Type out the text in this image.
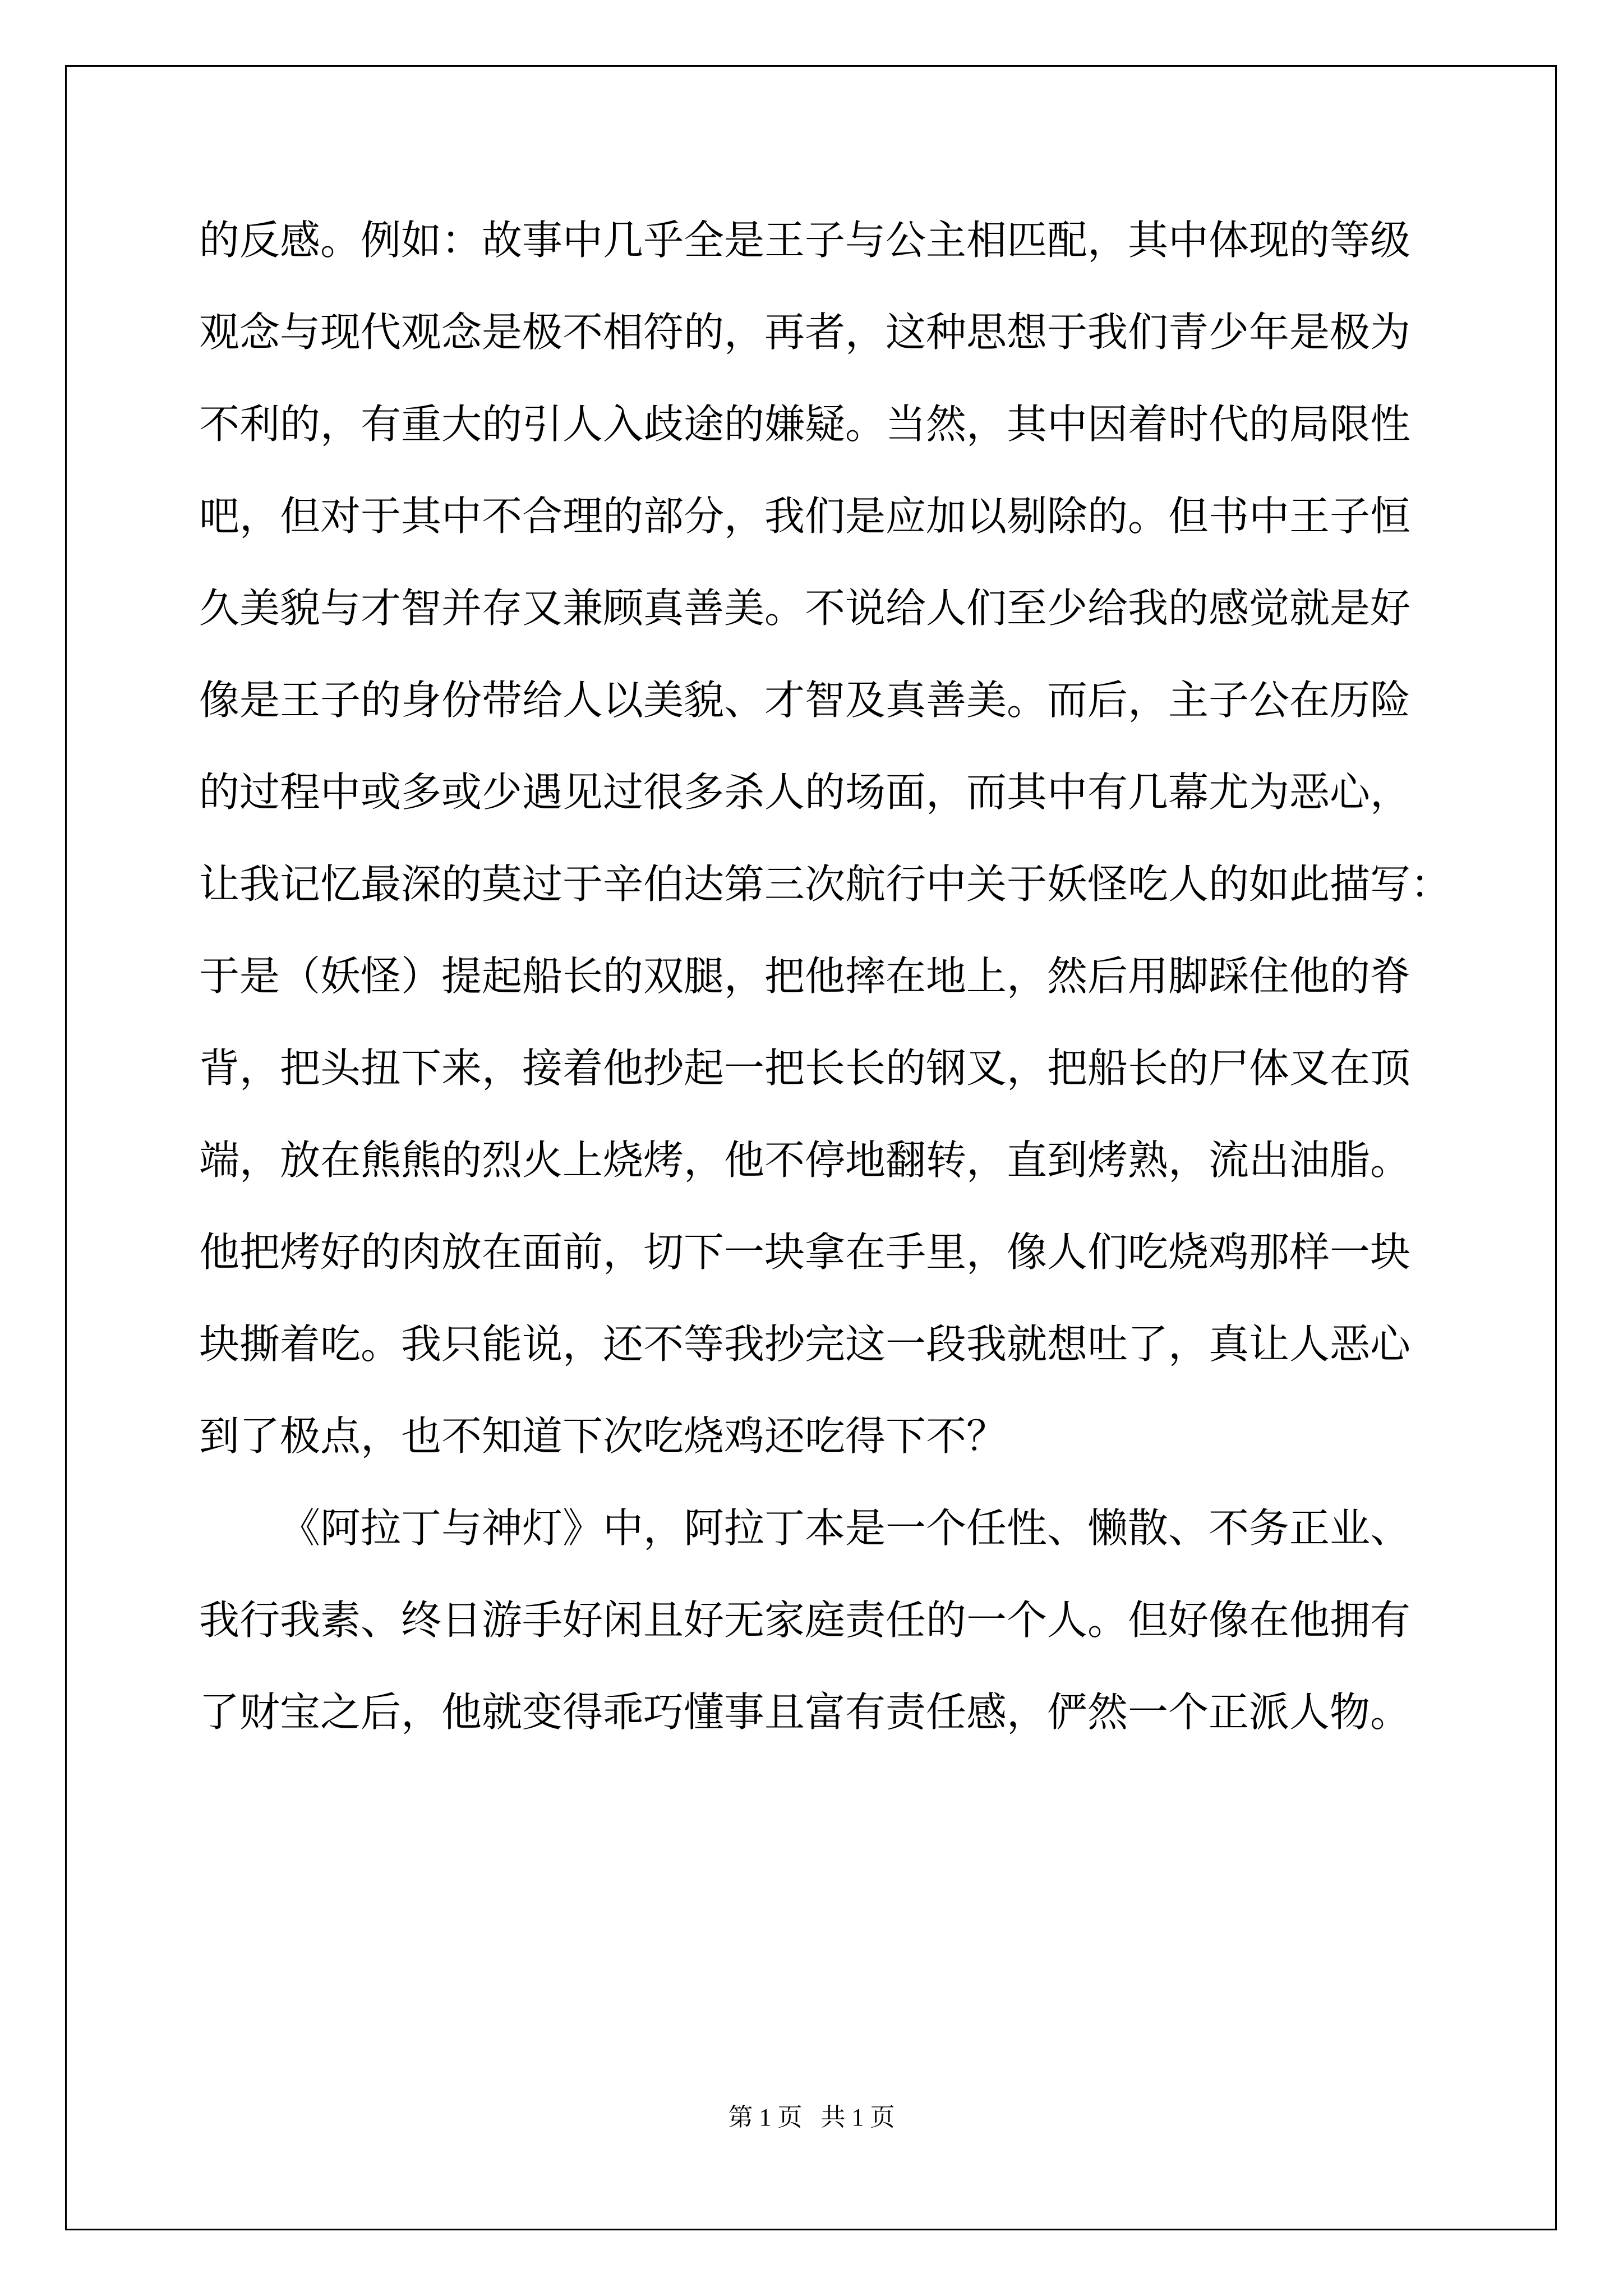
的反感。例如：故事中几乎全是王子与公主相匹配，其中体现的等级
观念与现代观念是极不相符的，再者，这种思想于我们青少年是极为
不利的，有重大的引人入歧途的嫌疑。当然，其中因着时代的局限性
吧，但对于其中不合理的部分，我们是应加以剔除的。但书中王子恒
久美貌与才智并存又兼顾真善美。不说给人们至少给我的感觉就是好
像是王子的身份带给人以美貌、才智及真善美。而后，主子公在历险
的过程中或多或少遇见过很多杀人的场面，而其中有几幕尤为恶心，
让我记忆最深的莫过于辛伯达第三次航行中关于妖怪吃人的如此描写：
于是（妖怪）提起船长的双腿，把他摔在地上，然后用脚踩住他的脊
背，把头扭下来，接着他抄起一把长长的钢叉，把船长的尸体叉在顶
端，放在熊熊的烈火上烧烤，他不停地翻转，直到烤熟，流出油脂。
他把烤好的肉放在面前，切下一块拿在手里，像人们吃烧鸡那样一块
块撕着吃。我只能说，还不等我抄完这一段我就想吐了，真让人恶心
到了极点，也不知道下次吃烧鸡还吃得下不？
《阿拉丁与神灯》中，阿拉丁本是一个任性、懒散、不务正业、
我行我素、终日游手好闲且好无家庭责任的一个人。但好像在他拥有
了财宝之后，他就变得乖巧懂事且富有责任感，俨然一个正派人物。
第 1 页   共 1 页
